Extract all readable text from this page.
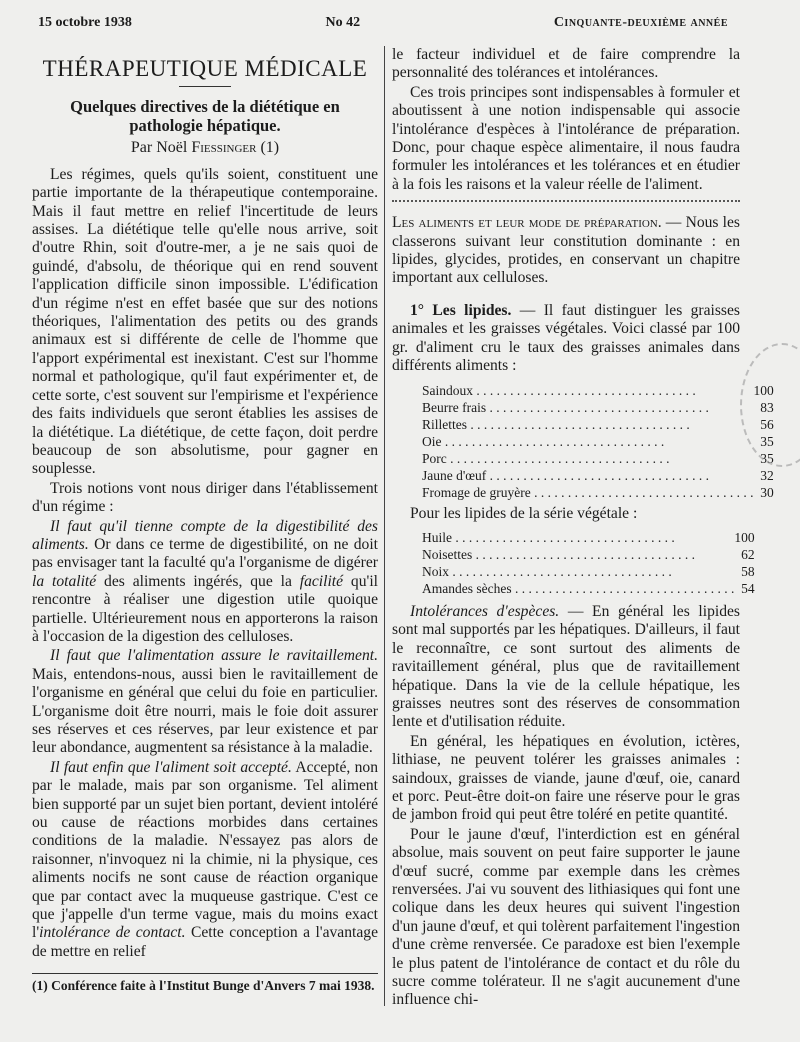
15 octobre 1938	No 42	Cinquante-deuxième année
THÉRAPEUTIQUE MÉDICALE
Quelques directives de la diététique en pathologie hépatique.
Par Noël Fiessinger (1)

Les régimes, quels qu'ils soient, constituent une partie importante de la thérapeutique contemporaine. Mais il faut mettre en relief l'incertitude de leurs assises. La diététique telle qu'elle nous arrive, soit d'outre Rhin, soit d'outre-mer, a je ne sais quoi de guindé, d'absolu, de théorique qui en rend souvent l'application difficile sinon impossible. L'édification d'un régime n'est en effet basée que sur des notions théoriques, l'alimentation des petits ou des grands animaux est si différente de celle de l'homme que l'apport expérimental est inexistant. C'est sur l'homme normal et pathologique, qu'il faut expérimenter et, de cette sorte, c'est souvent sur l'empirisme et l'expérience des faits individuels que seront établies les assises de la diététique. La diététique, de cette façon, doit perdre beaucoup de son absolutisme, pour gagner en souplesse.

Trois notions vont nous diriger dans l'établissement d'un régime :

Il faut qu'il tienne compte de la digestibilité des aliments. Or dans ce terme de digestibilité, on ne doit pas envisager tant la faculté qu'a l'organisme de digérer la totalité des aliments ingérés, que la facilité qu'il rencontre à réaliser une digestion utile quoique partielle. Ultérieurement nous en apporterons la raison à l'occasion de la digestion des celluloses.

Il faut que l'alimentation assure le ravitaillement. Mais, entendons-nous, aussi bien le ravitaillement de l'organisme en général que celui du foie en particulier. L'organisme doit être nourri, mais le foie doit assurer ses réserves et ces réserves, par leur existence et par leur abondance, augmentent sa résistance à la maladie.

Il faut enfin que l'aliment soit accepté. Accepté, non par le malade, mais par son organisme. Tel aliment bien supporté par un sujet bien portant, devient intoléré ou cause de réactions morbides dans certaines conditions de la maladie. N'essayez pas alors de raisonner, n'invoquez ni la chimie, ni la physique, ces aliments nocifs ne sont cause de réaction organique que par contact avec la muqueuse gastrique. C'est ce que j'appelle d'un terme vague, mais du moins exact l'intolérance de contact. Cette conception a l'avantage de mettre en relief

(1) Conférence faite à l'Institut Bunge d'Anvers 7 mai 1938.

le facteur individuel et de faire comprendre la personnalité des tolérances et intolérances.

Ces trois principes sont indispensables à formuler et aboutissent à une notion indispensable qui associe l'intolérance d'espèces à l'intolérance de préparation. Donc, pour chaque espèce alimentaire, il nous faudra formuler les intolérances et les tolérances et en étudier à la fois les raisons et la valeur réelle de l'aliment.

Les aliments et leur mode de préparation. — Nous les classerons suivant leur constitution dominante : en lipides, glycides, protides, en conservant un chapitre important aux celluloses.

1° Les lipides. — Il faut distinguer les graisses animales et les graisses végétales. Voici classé par 100 gr. d'aliment cru le taux des graisses animales dans différents aliments :

Saindoux . . .	100
Beurre frais . . .	83
Rillettes . . .	56
Oie . . .	35
Porc . . .	35
Jaune d'œuf . . .	32
Fromage de gruyère . . .	30

Pour les lipides de la série végétale :

Huile . . .	100
Noisettes . . .	62
Noix . . .	58
Amandes sèches . . .	54

Intolérances d'espèces. — En général les lipides sont mal supportés par les hépatiques. D'ailleurs, il faut le reconnaître, ce sont surtout des aliments de ravitaillement général, plus que de ravitaillement hépatique. Dans la vie de la cellule hépatique, les graisses neutres sont des réserves de consommation lente et d'utilisation réduite.

En général, les hépatiques en évolution, ictères, lithiase, ne peuvent tolérer les graisses animales : saindoux, graisses de viande, jaune d'œuf, oie, canard et porc. Peut-être doit-on faire une réserve pour le gras de jambon froid qui peut être toléré en petite quantité.

Pour le jaune d'œuf, l'interdiction est en général absolue, mais souvent on peut faire supporter le jaune d'œuf sucré, comme par exemple dans les crèmes renversées. J'ai vu souvent des lithiasiques qui font une colique dans les deux heures qui suivent l'ingestion d'un jaune d'œuf, et qui tolèrent parfaitement l'ingestion d'une crème renversée. Ce paradoxe est bien l'exemple le plus patent de l'intolérance de contact et du rôle du sucre comme tolérateur. Il ne s'agit aucunement d'une influence chi-
